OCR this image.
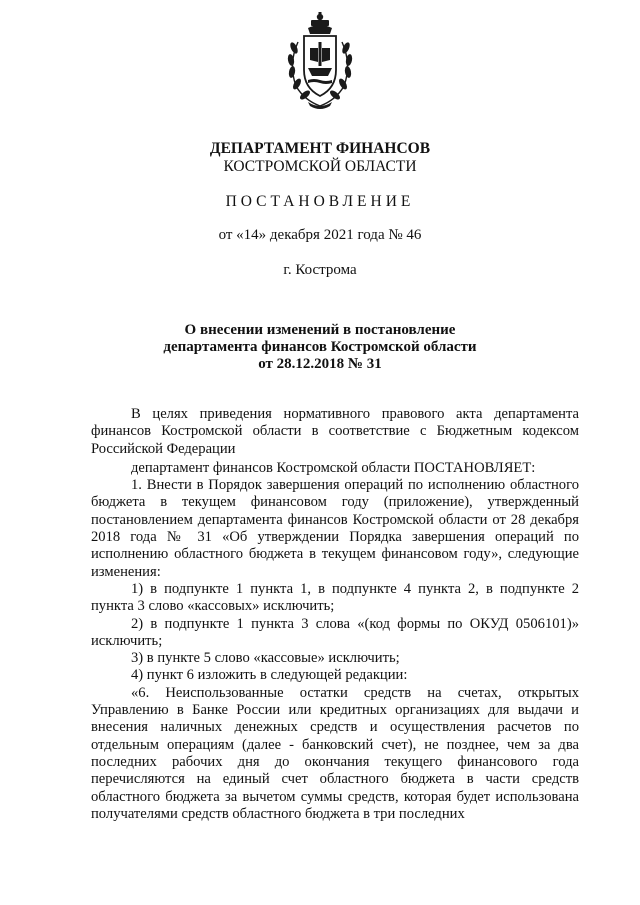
ДЕПАРТАМЕНТ ФИНАНСОВ
КОСТРОМСКОЙ ОБЛАСТИ
ПОСТАНОВЛЕНИЕ
от «14» декабря 2021 года № 46
г. Кострома
О внесении изменений в постановление
департамента финансов Костромской области
от 28.12.2018 № 31

В целях приведения нормативного правового акта департамента финансов Костромской области в соответствие с Бюджетным кодексом Российской Федерации

департамент финансов Костромской области ПОСТАНОВЛЯЕТ:

1. Внести в Порядок завершения операций по исполнению областного бюджета в текущем финансовом году (приложение), утвержденный постановлением департамента финансов Костромской области от 28 декабря 2018 года № 31 «Об утверждении Порядка завершения операций по исполнению областного бюджета в текущем финансовом году», следующие изменения:

1) в подпункте 1 пункта 1, в подпункте 4 пункта 2, в подпункте 2 пункта 3 слово «кассовых» исключить;

2) в подпункте 1 пункта 3 слова «(код формы по ОКУД 0506101)» исключить;

3) в пункте 5 слово «кассовые» исключить;

4) пункт 6 изложить в следующей редакции:

«6. Неиспользованные остатки средств на счетах, открытых Управлению в Банке России или кредитных организациях для выдачи и внесения наличных денежных средств и осуществления расчетов по отдельным операциям (далее - банковский счет), не позднее, чем за два последних рабочих дня до окончания текущего финансового года перечисляются на единый счет областного бюджета в части средств областного бюджета за вычетом суммы средств, которая будет использована получателями средств областного бюджета в три последних
